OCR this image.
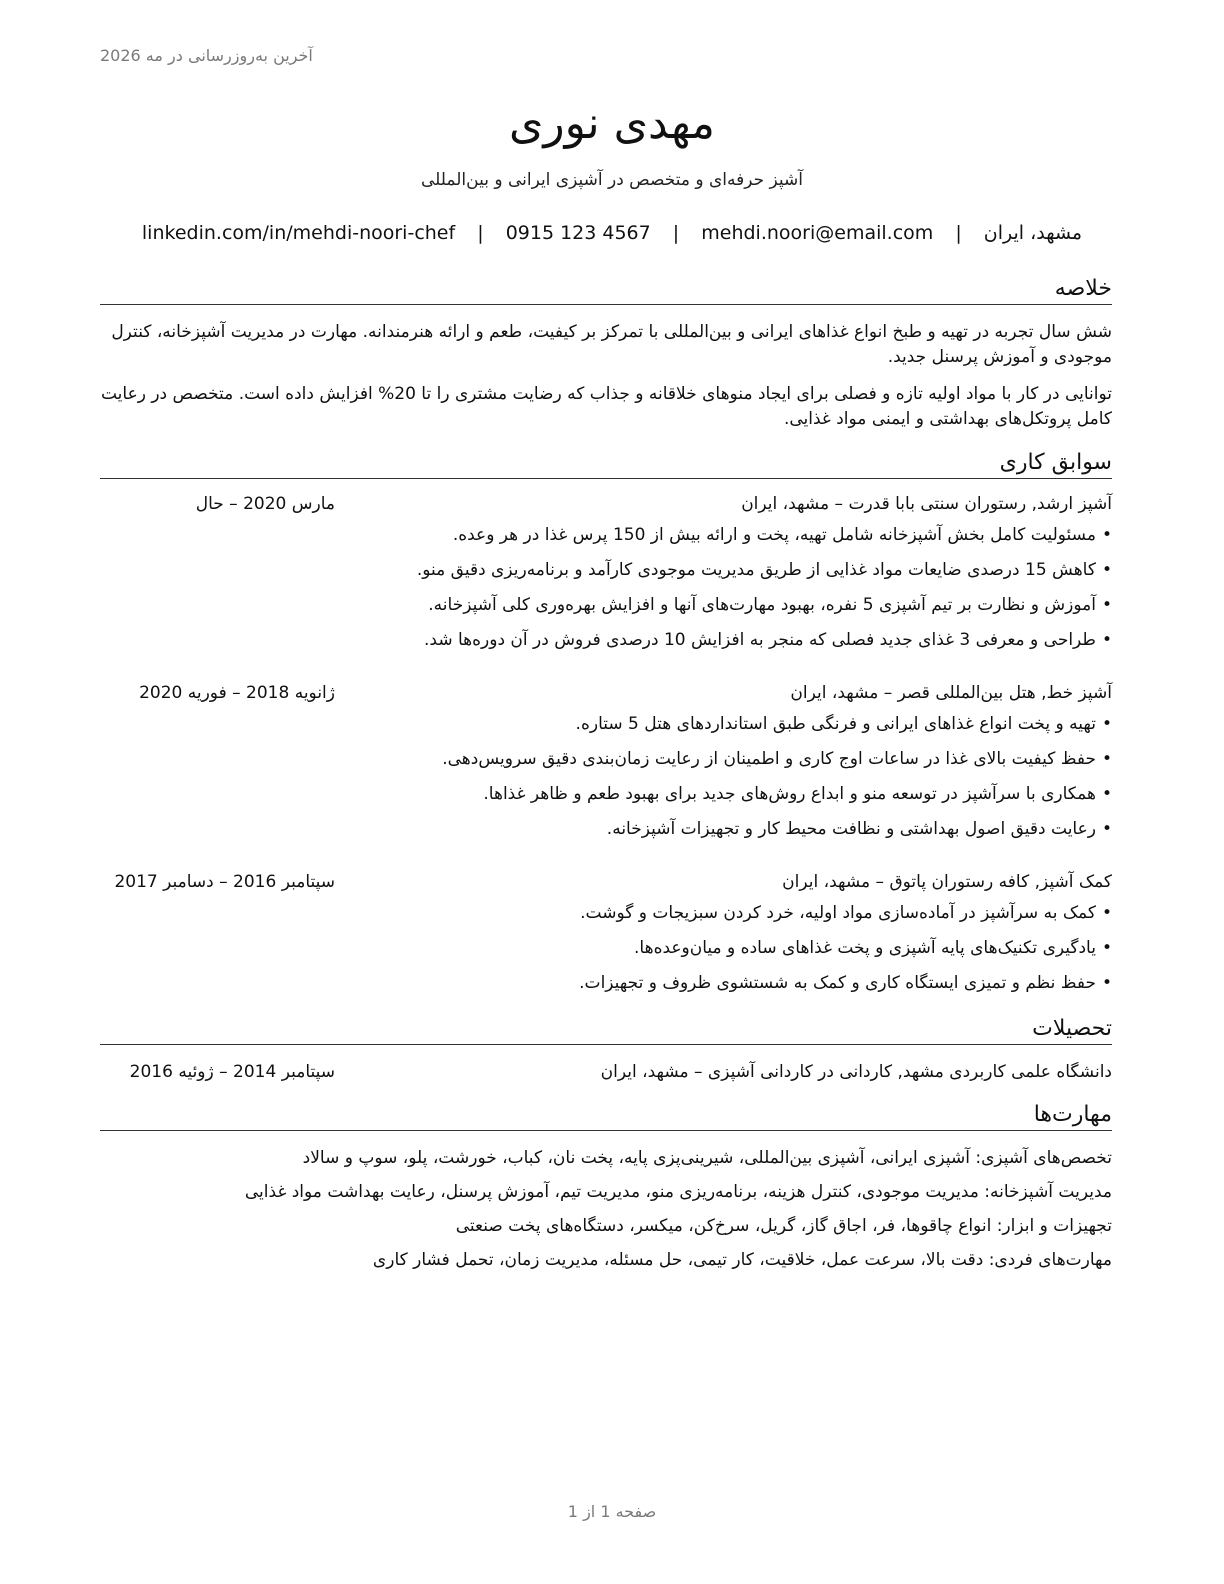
آخرین به‌روزرسانی در مه 2026
مهدی نوری
آشپز حرفه‌ای و متخصص در آشپزی ایرانی و بین‌المللی
مشهد، ایران | mehdi.noori@email.com | 0915 123 4567 | linkedin.com/in/mehdi-noori-chef
خلاصه

شش سال تجربه در تهیه و طبخ انواع غذاهای ایرانی و بین‌المللی با تمرکز بر کیفیت، طعم و ارائه هنرمندانه. مهارت در مدیریت آشپزخانه، کنترل موجودی و آموزش پرسنل جدید.

توانایی در کار با مواد اولیه تازه و فصلی برای ایجاد منوهای خلاقانه و جذاب که رضایت مشتری را تا 20% افزایش داده است. متخصص در رعایت کامل پروتکل‌های بهداشتی و ایمنی مواد غذایی.

سوابق کاری
آشپز ارشد, رستوران سنتی بابا قدرت – مشهد، ایران
مارس 2020 – حال
•مسئولیت کامل بخش آشپزخانه شامل تهیه، پخت و ارائه بیش از 150 پرس غذا در هر وعده.
•کاهش 15 درصدی ضایعات مواد غذایی از طریق مدیریت موجودی کارآمد و برنامه‌ریزی دقیق منو.
•آموزش و نظارت بر تیم آشپزی 5 نفره، بهبود مهارت‌های آنها و افزایش بهره‌وری کلی آشپزخانه.
•طراحی و معرفی 3 غذای جدید فصلی که منجر به افزایش 10 درصدی فروش در آن دوره‌ها شد.
آشپز خط, هتل بین‌المللی قصر – مشهد، ایران
ژانویه 2018 – فوریه 2020
•تهیه و پخت انواع غذاهای ایرانی و فرنگی طبق استانداردهای هتل 5 ستاره.
•حفظ کیفیت بالای غذا در ساعات اوج کاری و اطمینان از رعایت زمان‌بندی دقیق سرویس‌دهی.
•همکاری با سرآشپز در توسعه منو و ابداع روش‌های جدید برای بهبود طعم و ظاهر غذاها.
•رعایت دقیق اصول بهداشتی و نظافت محیط کار و تجهیزات آشپزخانه.
کمک آشپز, کافه رستوران پاتوق – مشهد، ایران
سپتامبر 2016 – دسامبر 2017
•کمک به سرآشپز در آماده‌سازی مواد اولیه، خرد کردن سبزیجات و گوشت.
•یادگیری تکنیک‌های پایه آشپزی و پخت غذاهای ساده و میان‌وعده‌ها.
•حفظ نظم و تمیزی ایستگاه کاری و کمک به شستشوی ظروف و تجهیزات.
تحصیلات
دانشگاه علمی کاربردی مشهد, کاردانی در کاردانی آشپزی – مشهد، ایران
سپتامبر 2014 – ژوئیه 2016
مهارت‌ها
تخصص‌های آشپزی: آشپزی ایرانی، آشپزی بین‌المللی، شیرینی‌پزی پایه، پخت نان، کباب، خورشت، پلو، سوپ و سالاد
مدیریت آشپزخانه: مدیریت موجودی، کنترل هزینه، برنامه‌ریزی منو، مدیریت تیم، آموزش پرسنل، رعایت بهداشت مواد غذایی
تجهیزات و ابزار: انواع چاقوها، فر، اجاق گاز، گریل، سرخ‌کن، میکسر، دستگاه‌های پخت صنعتی
مهارت‌های فردی: دقت بالا، سرعت عمل، خلاقیت، کار تیمی، حل مسئله، مدیریت زمان، تحمل فشار کاری
صفحه 1 از 1
